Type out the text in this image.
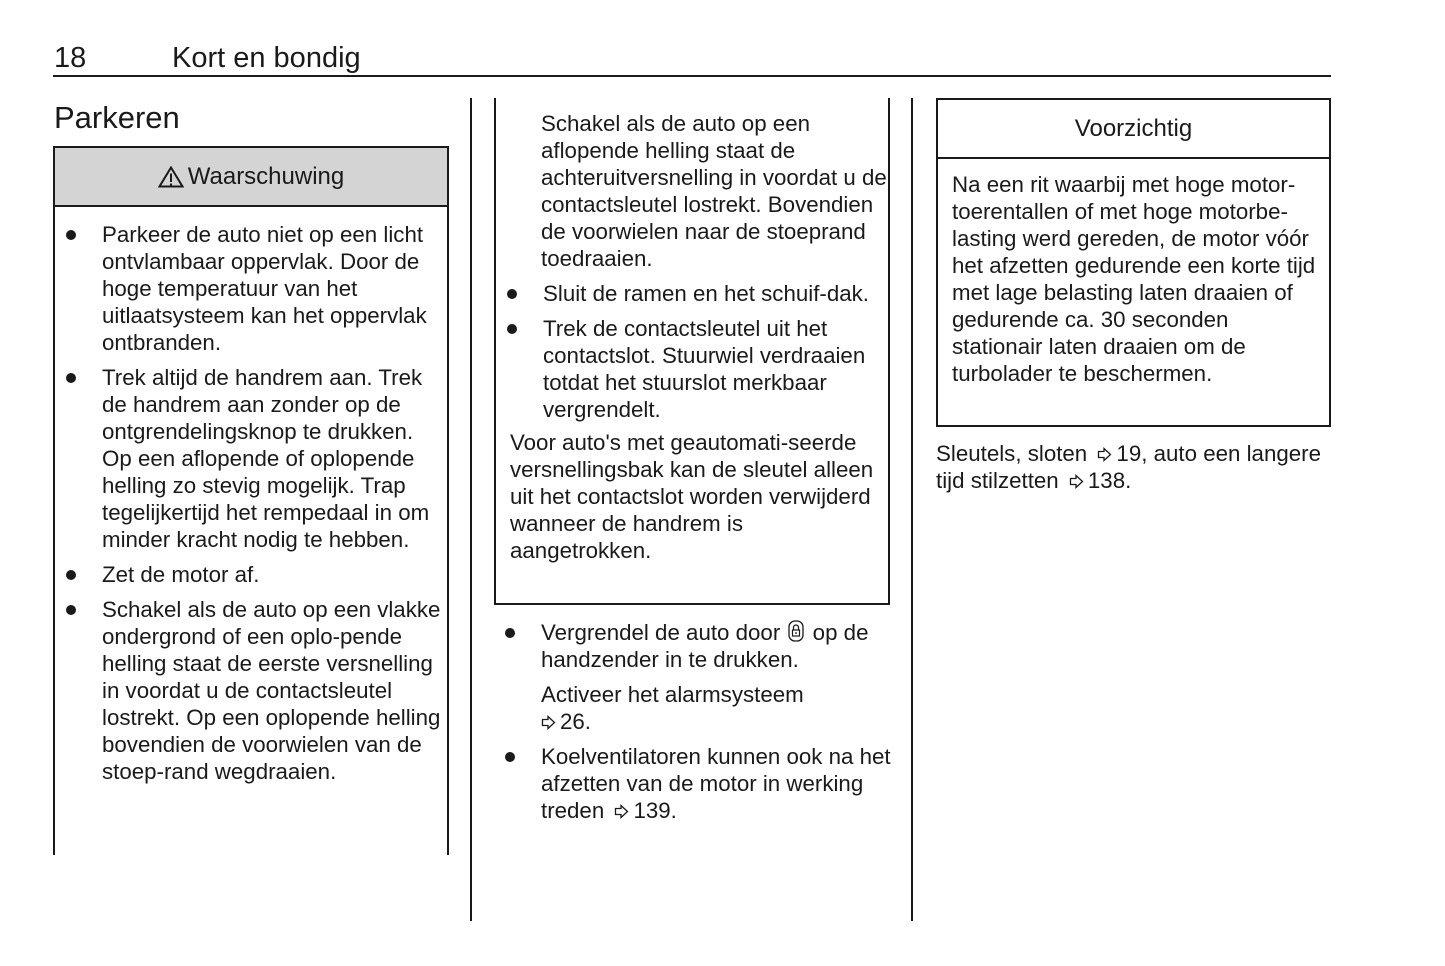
18	Kort en bondig
Parkeren
Waarschuwing
Parkeer de auto niet op een licht ontvlambaar oppervlak. Door de hoge temperatuur van het uitlaatsysteem kan het oppervlak ontbranden.
Trek altijd de handrem aan. Trek de handrem aan zonder op de ontgrendelingsknop te drukken. Op een aflopende of oplopende helling zo stevig mogelijk. Trap tegelijkertijd het rempedaal in om minder kracht nodig te hebben.
Zet de motor af.
Schakel als de auto op een vlakke ondergrond of een oplo-pende helling staat de eerste versnelling in voordat u de contactsleutel lostrekt. Op een oplopende helling bovendien de voorwielen van de stoep-rand wegdraaien.
Schakel als de auto op een aflopende helling staat de achteruitversnelling in voordat u de contactsleutel lostrekt. Bovendien de voorwielen naar de stoeprand toedraaien.
Sluit de ramen en het schuif-dak.
Trek de contactsleutel uit het contactslot. Stuurwiel verdraaien totdat het stuurslot merkbaar vergrendelt.
Voor auto's met geautomati-seerde versnellingsbak kan de sleutel alleen uit het contactslot worden verwijderd wanneer de handrem is aangetrokken.
Vergrendel de auto door op de handzender in te drukken.
Activeer het alarmsysteem
26.
Koelventilatoren kunnen ook na het afzetten van de motor in werking treden 139.
Voorzichtig
Na een rit waarbij met hoge motor-toerentallen of met hoge motorbe-lasting werd gereden, de motor vóór het afzetten gedurende een korte tijd met lage belasting laten draaien of gedurende ca. 30 seconden stationair laten draaien om de turbolader te beschermen.
Sleutels, sloten 19, auto een langere tijd stilzetten 138.
